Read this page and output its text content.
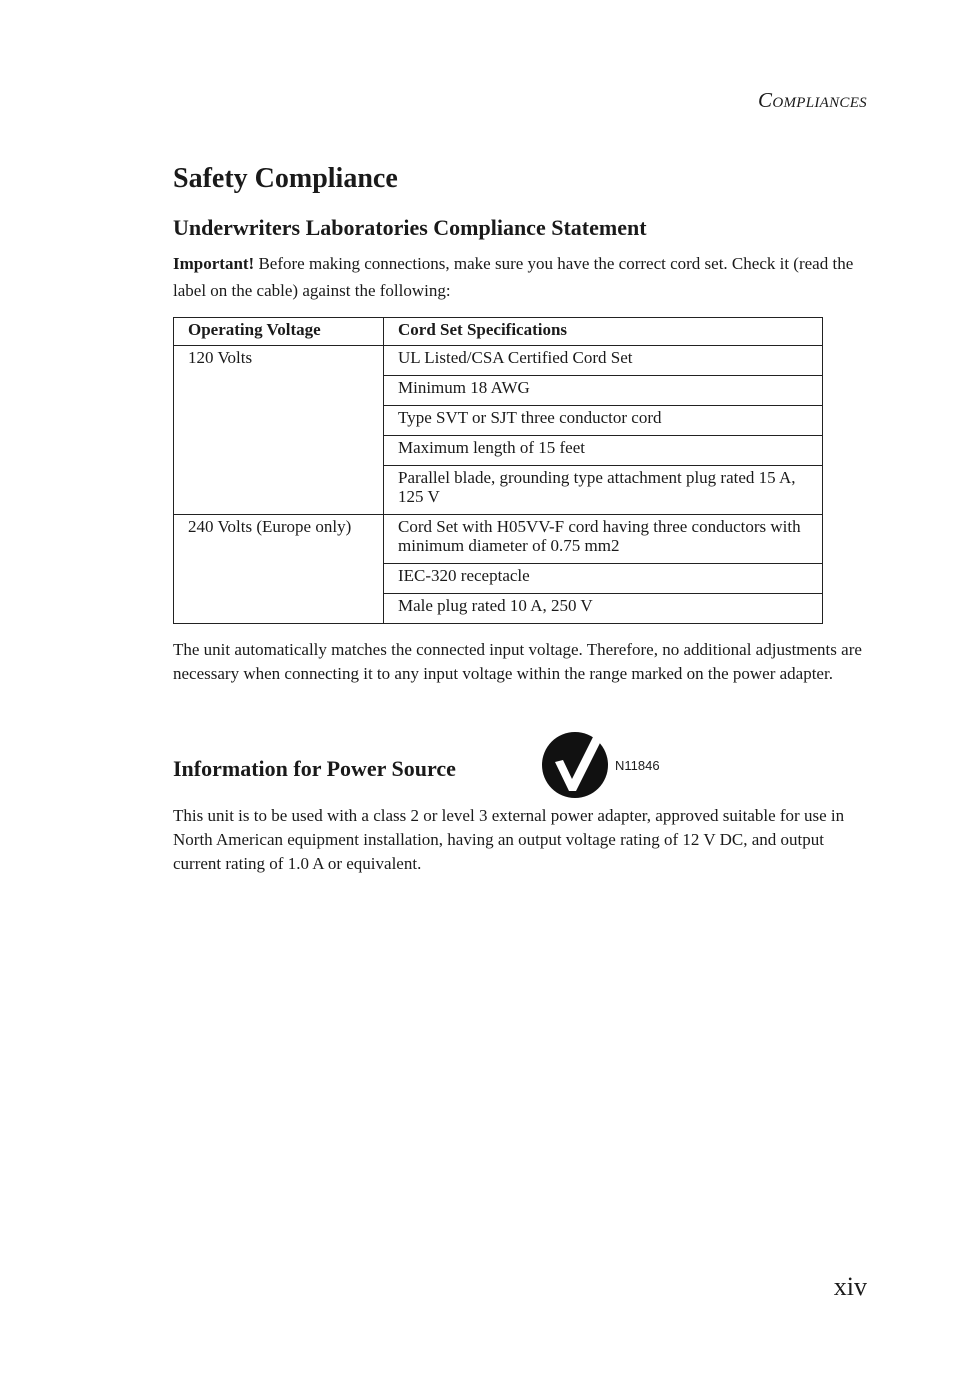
Compliances
Safety Compliance
Underwriters Laboratories Compliance Statement

Important! Before making connections, make sure you have the correct cord set. Check it (read the label on the cable) against the following:

Operating Voltage	Cord Set Specifications
120 Volts	UL Listed/CSA Certified Cord Set
	Minimum 18 AWG
	Type SVT or SJT three conductor cord
	Maximum length of 15 feet
	Parallel blade, grounding type attachment plug rated 15 A, 125 V
240 Volts (Europe only)	Cord Set with H05VV-F cord having three conductors with minimum diameter of 0.75 mm2
	IEC-320 receptacle
	Male plug rated 10 A, 250 V

The unit automatically matches the connected input voltage. Therefore, no additional adjustments are necessary when connecting it to any input voltage within the range marked on the power adapter.

Information for Power Source	N11846

This unit is to be used with a class 2 or level 3 external power adapter, approved suitable for use in North American equipment installation, having an output voltage rating of 12 V DC, and output current rating of 1.0 A or equivalent.

xiv
